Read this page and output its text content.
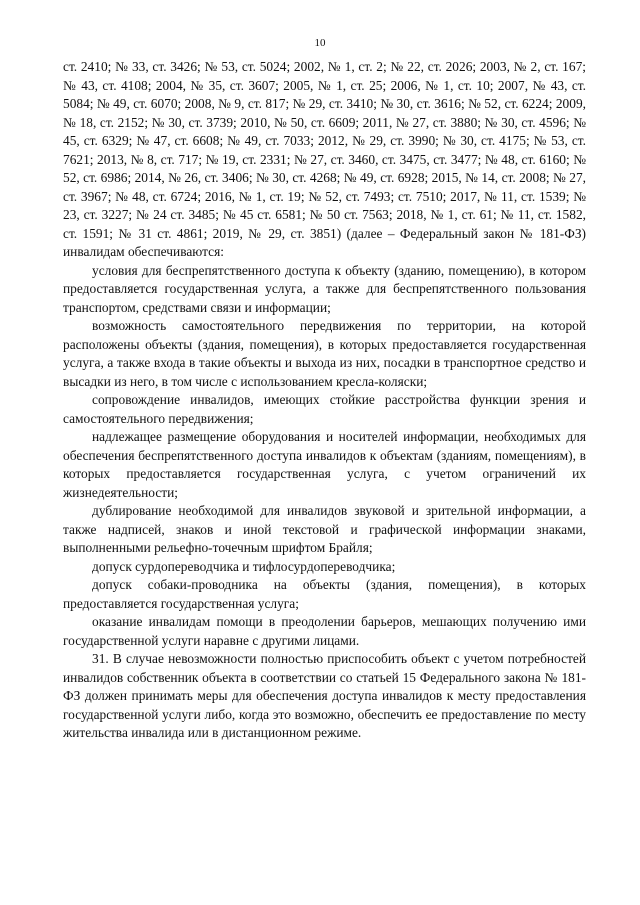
10

ст. 2410; № 33, ст. 3426; № 53, ст. 5024; 2002, № 1, ст. 2; № 22, ст. 2026; 2003, № 2, ст. 167; № 43, ст. 4108; 2004, № 35, ст. 3607; 2005, № 1, ст. 25; 2006, № 1, ст. 10; 2007, № 43, ст. 5084; № 49, ст. 6070; 2008, № 9, ст. 817; № 29, ст. 3410; № 30, ст. 3616; № 52, ст. 6224; 2009, № 18, ст. 2152; № 30, ст. 3739; 2010, № 50, ст. 6609; 2011, № 27, ст. 3880; № 30, ст. 4596; № 45, ст. 6329; № 47, ст. 6608; № 49, ст. 7033; 2012, № 29, ст. 3990; № 30, ст. 4175; № 53, ст. 7621; 2013, № 8, ст. 717; № 19, ст. 2331; № 27, ст. 3460, ст. 3475, ст. 3477; № 48, ст. 6160; № 52, ст. 6986; 2014, № 26, ст. 3406; № 30, ст. 4268; № 49, ст. 6928; 2015, № 14, ст. 2008; № 27, ст. 3967; № 48, ст. 6724; 2016, № 1, ст. 19; № 52, ст. 7493; ст. 7510; 2017, № 11, ст. 1539; № 23, ст. 3227; № 24 ст. 3485; № 45 ст. 6581; № 50 ст. 7563; 2018, № 1, ст. 61; № 11, ст. 1582, ст. 1591; № 31 ст. 4861; 2019, № 29, ст. 3851) (далее – Федеральный закон № 181-ФЗ) инвалидам обеспечиваются:

условия для беспрепятственного доступа к объекту (зданию, помещению), в котором предоставляется государственная услуга, а также для беспрепятственного пользования транспортом, средствами связи и информации;

возможность самостоятельного передвижения по территории, на которой расположены объекты (здания, помещения), в которых предоставляется государственная услуга, а также входа в такие объекты и выхода из них, посадки в транспортное средство и высадки из него, в том числе с использованием кресла-коляски;

сопровождение инвалидов, имеющих стойкие расстройства функции зрения и самостоятельного передвижения;

надлежащее размещение оборудования и носителей информации, необходимых для обеспечения беспрепятственного доступа инвалидов к объектам (зданиям, помещениям), в которых предоставляется государственная услуга, с учетом ограничений их жизнедеятельности;

дублирование необходимой для инвалидов звуковой и зрительной информации, а также надписей, знаков и иной текстовой и графической информации знаками, выполненными рельефно-точечным шрифтом Брайля;

допуск сурдопереводчика и тифлосурдопереводчика;

допуск собаки-проводника на объекты (здания, помещения), в которых предоставляется государственная услуга;

оказание инвалидам помощи в преодолении барьеров, мешающих получению ими государственной услуги наравне с другими лицами.

31. В случае невозможности полностью приспособить объект с учетом потребностей инвалидов собственник объекта в соответствии со статьей 15 Федерального закона № 181-ФЗ должен принимать меры для обеспечения доступа инвалидов к месту предоставления государственной услуги либо, когда это возможно, обеспечить ее предоставление по месту жительства инвалида или в дистанционном режиме.
